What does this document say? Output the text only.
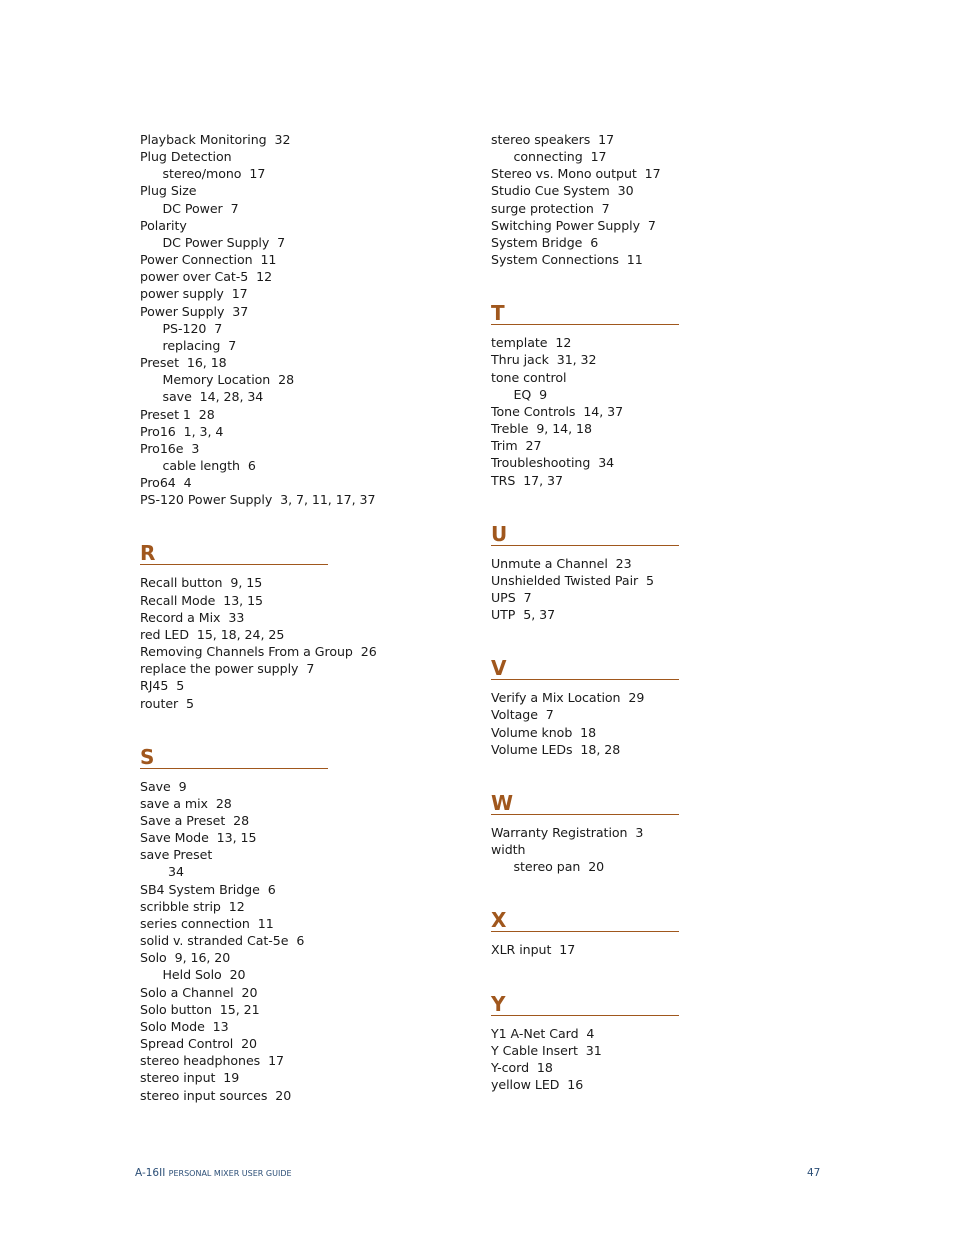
Playback Monitoring  32
Plug Detection
stereo/mono  17
Plug Size
DC Power  7
Polarity
DC Power Supply  7
Power Connection  11
power over Cat-5  12
power supply  17
Power Supply  37
PS-120  7
replacing  7
Preset  16, 18
Memory Location  28
save  14, 28, 34
Preset 1  28
Pro16  1, 3, 4
Pro16e  3
cable length  6
Pro64  4
PS-120 Power Supply  3, 7, 11, 17, 37
R
Recall button  9, 15
Recall Mode  13, 15
Record a Mix  33
red LED  15, 18, 24, 25
Removing Channels From a Group  26
replace the power supply  7
RJ45  5
router  5
S
Save  9
save a mix  28
Save a Preset  28
Save Mode  13, 15
save Preset
34
SB4 System Bridge  6
scribble strip  12
series connection  11
solid v. stranded Cat-5e  6
Solo  9, 16, 20
Held Solo  20
Solo a Channel  20
Solo button  15, 21
Solo Mode  13
Spread Control  20
stereo headphones  17
stereo input  19
stereo input sources  20
stereo speakers  17
connecting  17
Stereo vs. Mono output  17
Studio Cue System  30
surge protection  7
Switching Power Supply  7
System Bridge  6
System Connections  11
T
template  12
Thru jack  31, 32
tone control
EQ  9
Tone Controls  14, 37
Treble  9, 14, 18
Trim  27
Troubleshooting  34
TRS  17, 37
U
Unmute a Channel  23
Unshielded Twisted Pair  5
UPS  7
UTP  5, 37
V
Verify a Mix Location  29
Voltage  7
Volume knob  18
Volume LEDs  18, 28
W
Warranty Registration  3
width
stereo pan  20
X
XLR input  17
Y
Y1 A-Net Card  4
Y Cable Insert  31
Y-cord  18
yellow LED  16
A-16II PERSONAL MIXER USER GUIDE	47
